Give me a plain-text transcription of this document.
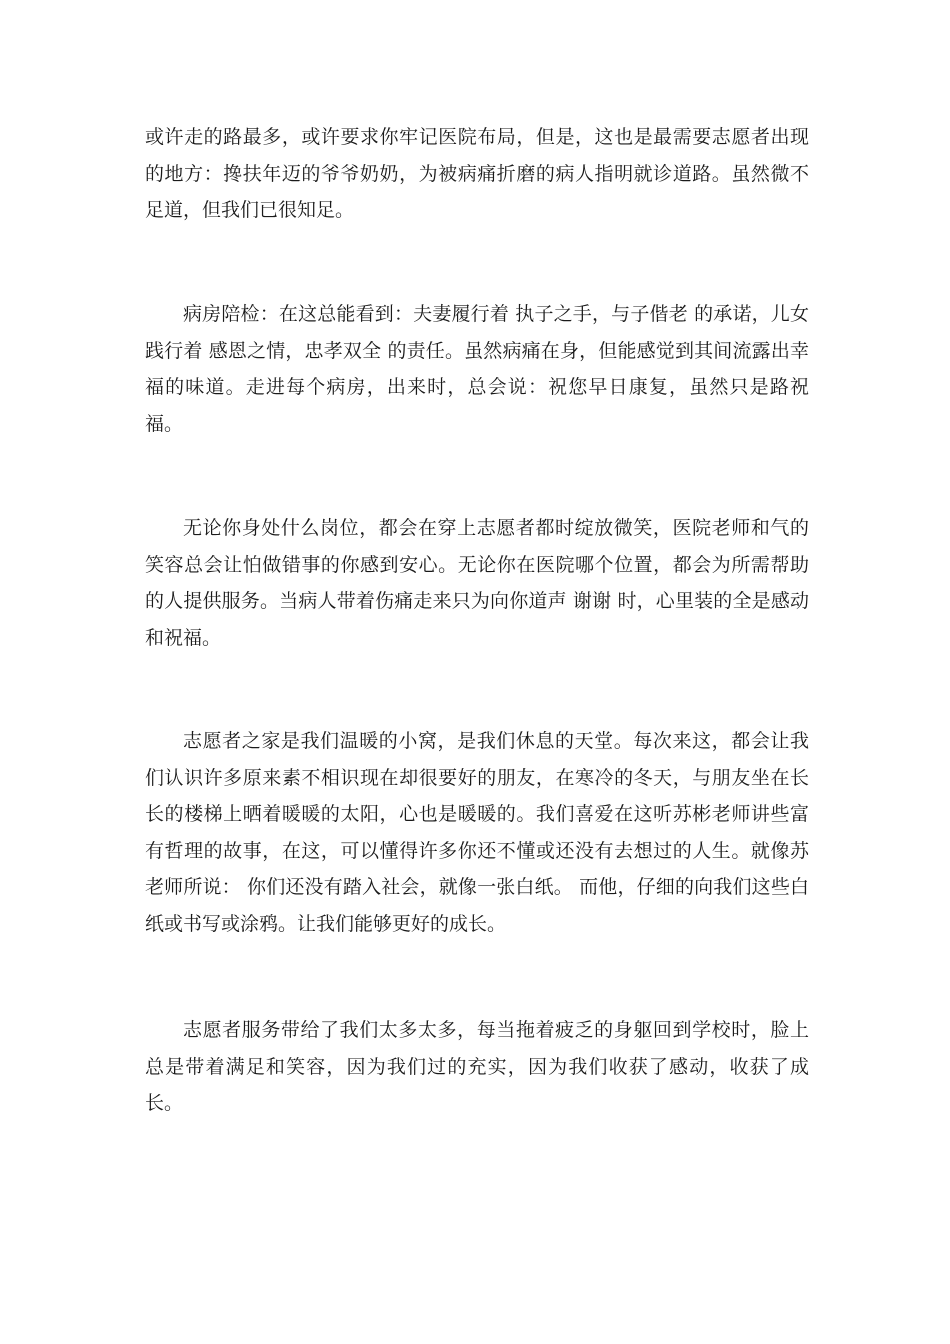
或许走的路最多，或许要求你牢记医院布局，但是，这也是最需要志愿者出现的地方：搀扶年迈的爷爷奶奶，为被病痛折磨的病人指明就诊道路。虽然微不足道，但我们已很知足。

病房陪检：在这总能看到：夫妻履行着 执子之手，与子偕老 的承诺，儿女践行着 感恩之情，忠孝双全 的责任。虽然病痛在身，但能感觉到其间流露出幸福的味道。走进每个病房，出来时，总会说：祝您早日康复，虽然只是路祝福。

无论你身处什么岗位，都会在穿上志愿者都时绽放微笑，医院老师和气的笑容总会让怕做错事的你感到安心。无论你在医院哪个位置，都会为所需帮助的人提供服务。当病人带着伤痛走来只为向你道声 谢谢 时，心里装的全是感动和祝福。

志愿者之家是我们温暖的小窝，是我们休息的天堂。每次来这，都会让我们认识许多原来素不相识现在却很要好的朋友，在寒冷的冬天，与朋友坐在长长的楼梯上晒着暖暖的太阳，心也是暖暖的。我们喜爱在这听苏彬老师讲些富有哲理的故事，在这，可以懂得许多你还不懂或还没有去想过的人生。就像苏老师所说： 你们还没有踏入社会，就像一张白纸。 而他，仔细的向我们这些白纸或书写或涂鸦。让我们能够更好的成长。

志愿者服务带给了我们太多太多，每当拖着疲乏的身躯回到学校时，脸上总是带着满足和笑容，因为我们过的充实，因为我们收获了感动，收获了成长。
